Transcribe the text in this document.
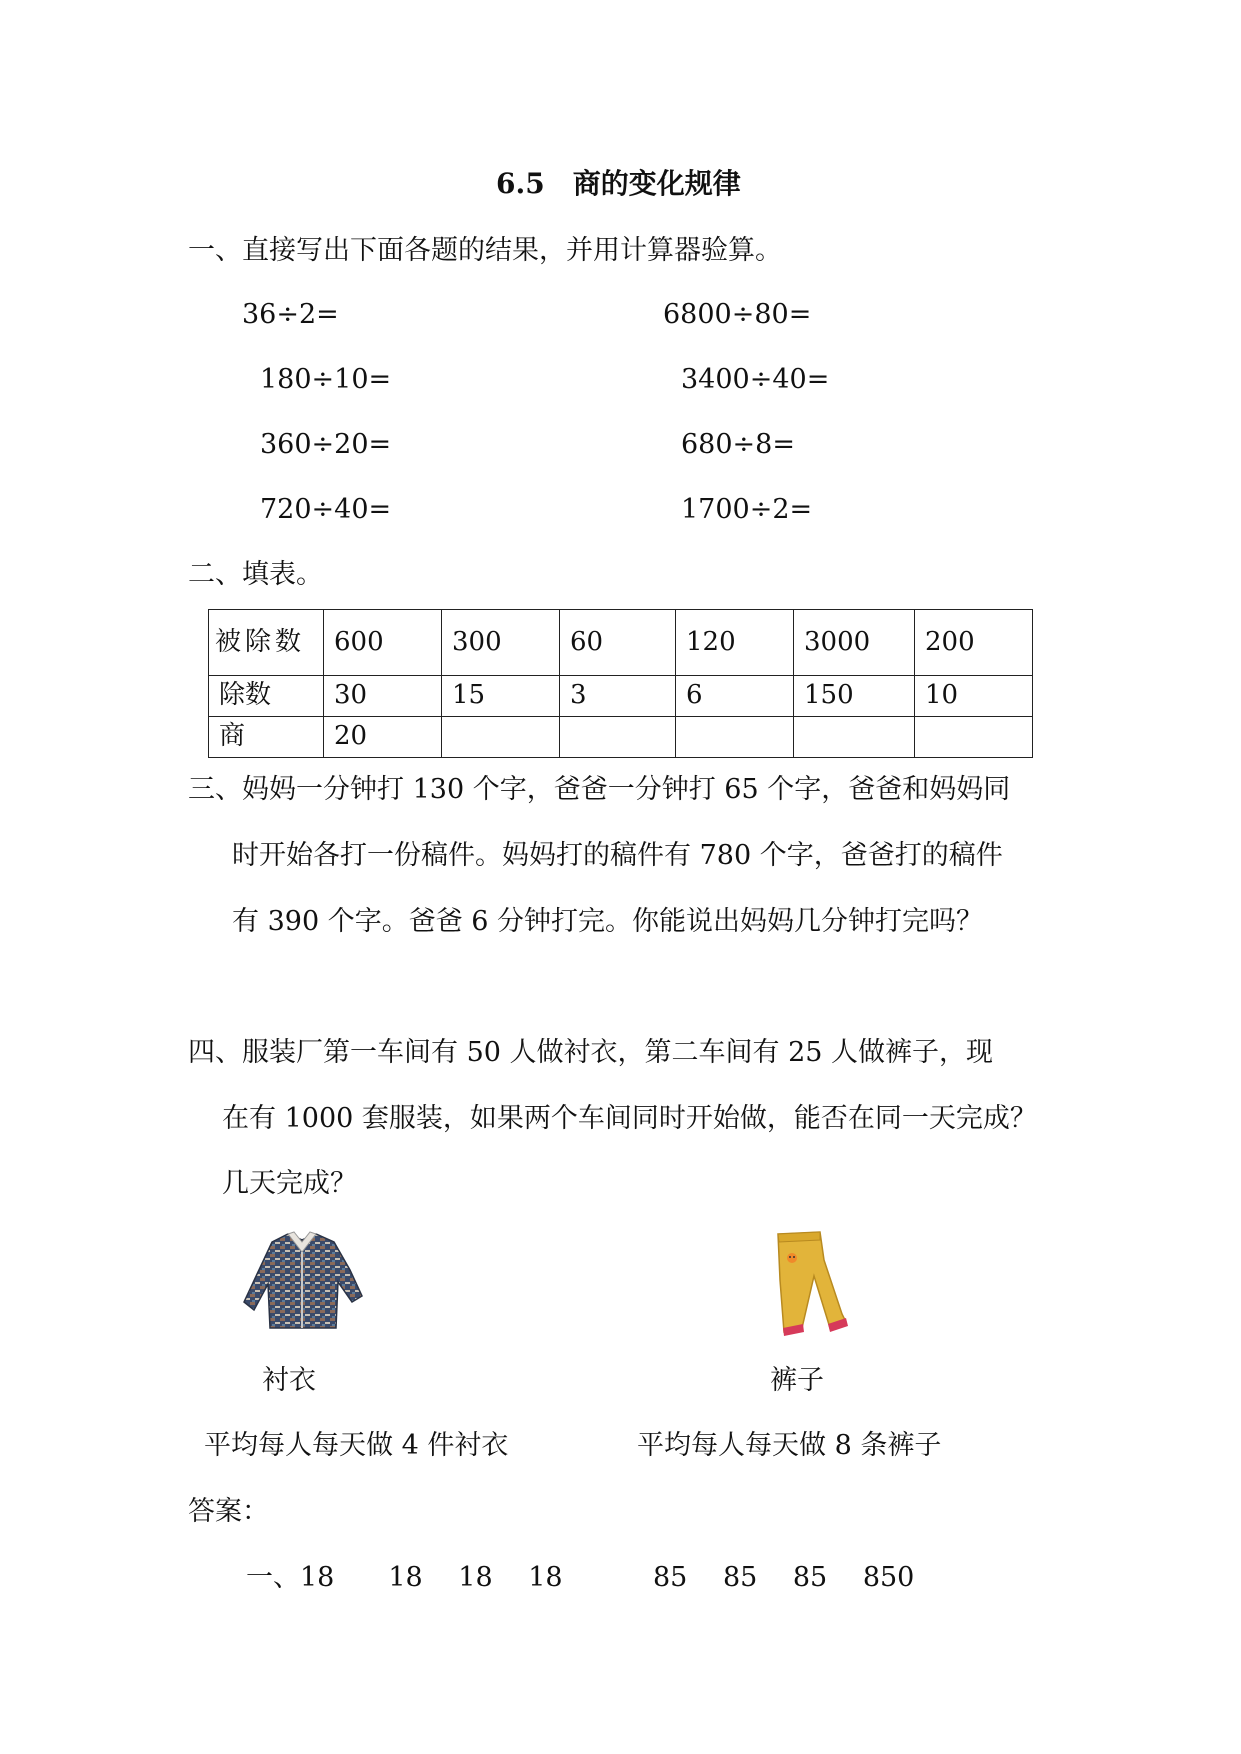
6.5　商的变化规律
一、直接写出下面各题的结果，并用计算器验算。
36÷2=
180÷10=
360÷20=
720÷40=
6800÷80=
3400÷40=
680÷8=
1700÷2=
二、填表。
被除数	600	300	60	120	3000	200
除数	30	15	3	6	150	10
商	20					
三、妈妈一分钟打 130 个字，爸爸一分钟打 65 个字，爸爸和妈妈同
时开始各打一份稿件。妈妈打的稿件有 780 个字，爸爸打的稿件
有 390 个字。爸爸 6 分钟打完。你能说出妈妈几分钟打完吗？
四、服装厂第一车间有 50 人做衬衣，第二车间有 25 人做裤子，现
在有 1000 套服装，如果两个车间同时开始做，能否在同一天完成？
几天完成？
衬衣	裤子
平均每人每天做 4 件衬衣	平均每人每天做 8 条裤子
答案：
一、18　　18　 18　 18	85　 85　 85　 850
